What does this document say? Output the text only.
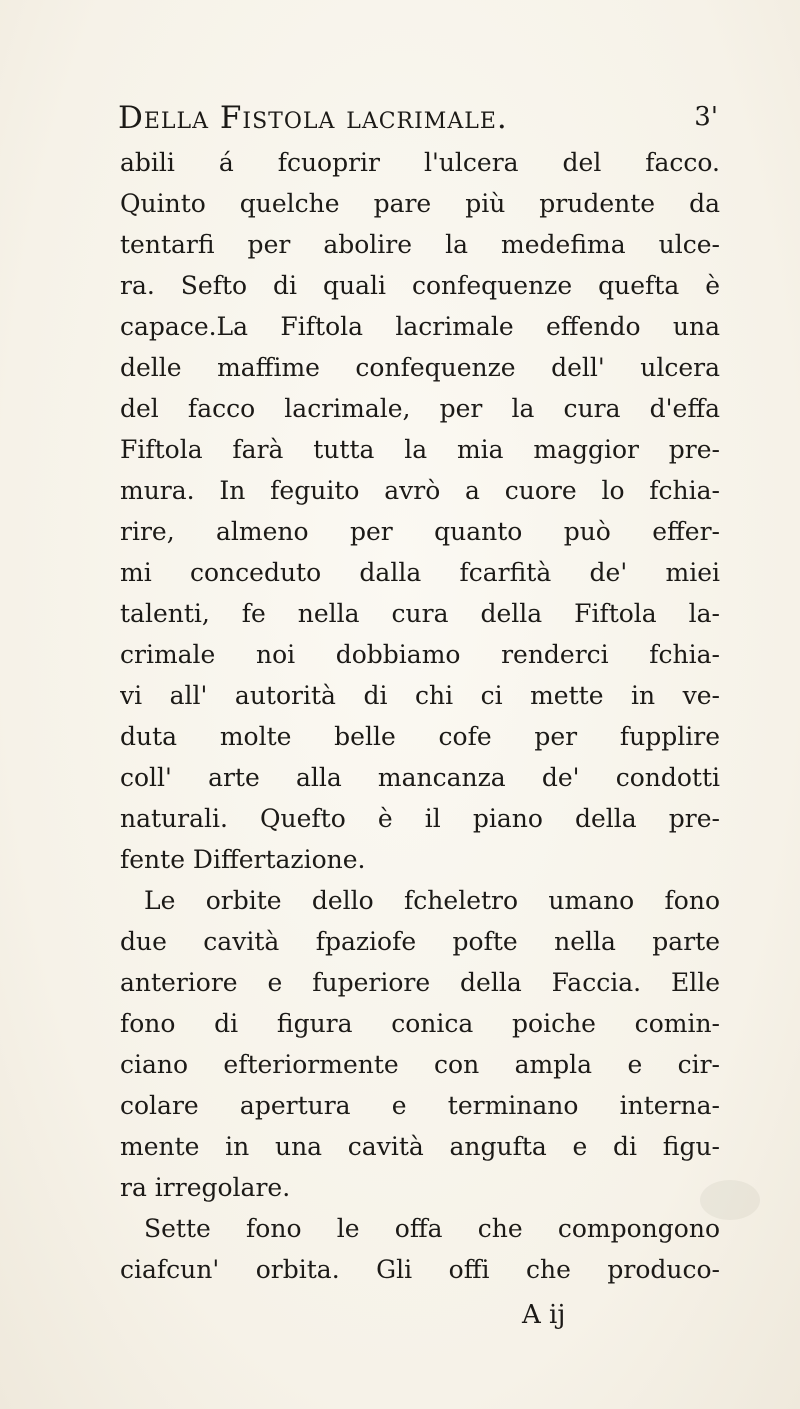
Della Fistola lacrimale.	3'
abili á fcuoprir l'ulcera del facco.
Quinto quelche pare più prudente da
tentarfi per abolire la medefima ulce-
ra. Sefto di quali confequenze quefta è
capace.La Fiftola lacrimale effendo una
delle maffime confequenze dell' ulcera
del facco lacrimale, per la cura d'effa
Fiftola farà tutta la mia maggior pre-
mura. In feguito avrò a cuore lo fchia-
rire, almeno per quanto può effer-
mi conceduto dalla fcarfità de' miei
talenti, fe nella cura della Fiftola la-
crimale noi dobbiamo renderci fchia-
vi all' autorità di chi ci mette in ve-
duta molte belle cofe per fupplire
coll' arte alla mancanza de' condotti
naturali. Quefto è il piano della pre-
fente Differtazione.
Le orbite dello fcheletro umano fono
due cavità fpaziofe pofte nella parte
anteriore e fuperiore della Faccia. Elle
fono di figura conica poiche comin-
ciano efteriormente con ampla e cir-
colare apertura e terminano interna-
mente in una cavità angufta e di figu-
ra irregolare.
Sette fono le offa che compongono
ciafcun' orbita. Gli offi che produco-
A ij
